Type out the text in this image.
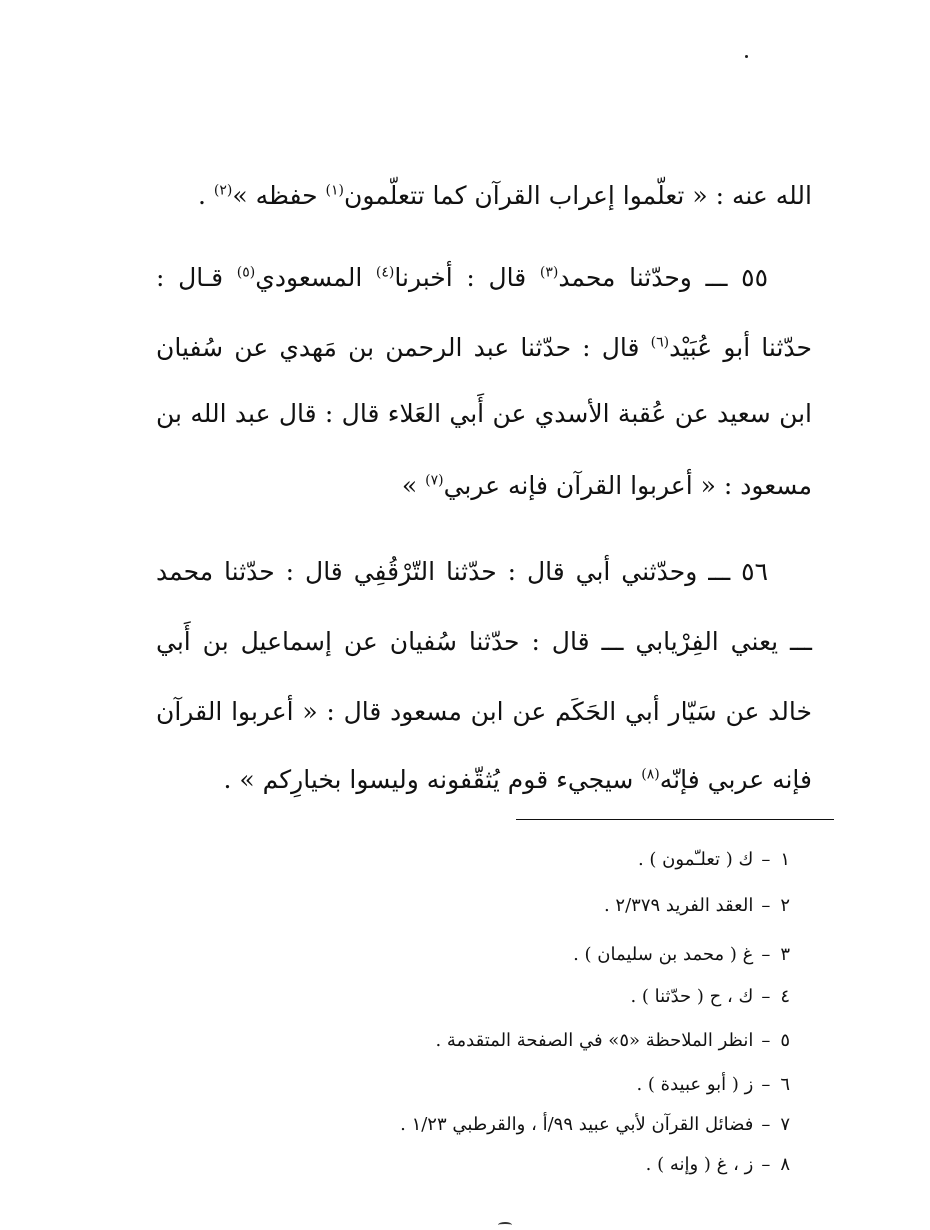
الله عنه : « تعلّموا إعراب القرآن كما تتعلّمون$^{(١)}$ حفظه »$^{(٢)}$ .
٥٥ ـــ وحدّثنا محمد$^{(٣)}$ قال : أخبرنا$^{(٤)}$ المسعودي$^{(٥)}$ قـال :
حدّثنا أبو عُبَيْد$^{(٦)}$ قال : حدّثنا عبد الرحمن بن مَهدي عن سُفيان
ابن سعيد عن عُقبة الأسدي عن أَبي العَلاء قال : قال عبد الله بن
مسعود : « أعربوا القرآن فإنه عربي$^{(٧)}$ »
٥٦ ـــ وحدّثني أبي قال : حدّثنا التّرْقُفِي قال : حدّثنا محمد
ـــ يعني الفِرْيابي ـــ قال : حدّثنا سُفيان عن إسماعيل بن أَبي
خالد عن سَيّار أبي الحَكَم عن ابن مسعود قال : « أعربوا القرآن
فإنه عربي فإنّه$^{(٨)}$ سيجيء قوم يُثقّفونه وليسوا بخيارِكم » .
١–ك ( تعلـّمون ) .
٢–العقد الفريد ٢/٣٧٩ .
٣–غ ( محمد بن سليمان ) .
٤–ك ، ح ( حدّثنا ) .
٥–انظر الملاحظة «٥» في الصفحة المتقدمة .
٦–ز ( أبو عبيدة ) .
٧–فضائل القرآن لأبي عبيد ٩٩/أ ، والقرطبي ١/٢٣ .
٨–ز ، غ ( وإنه ) .
